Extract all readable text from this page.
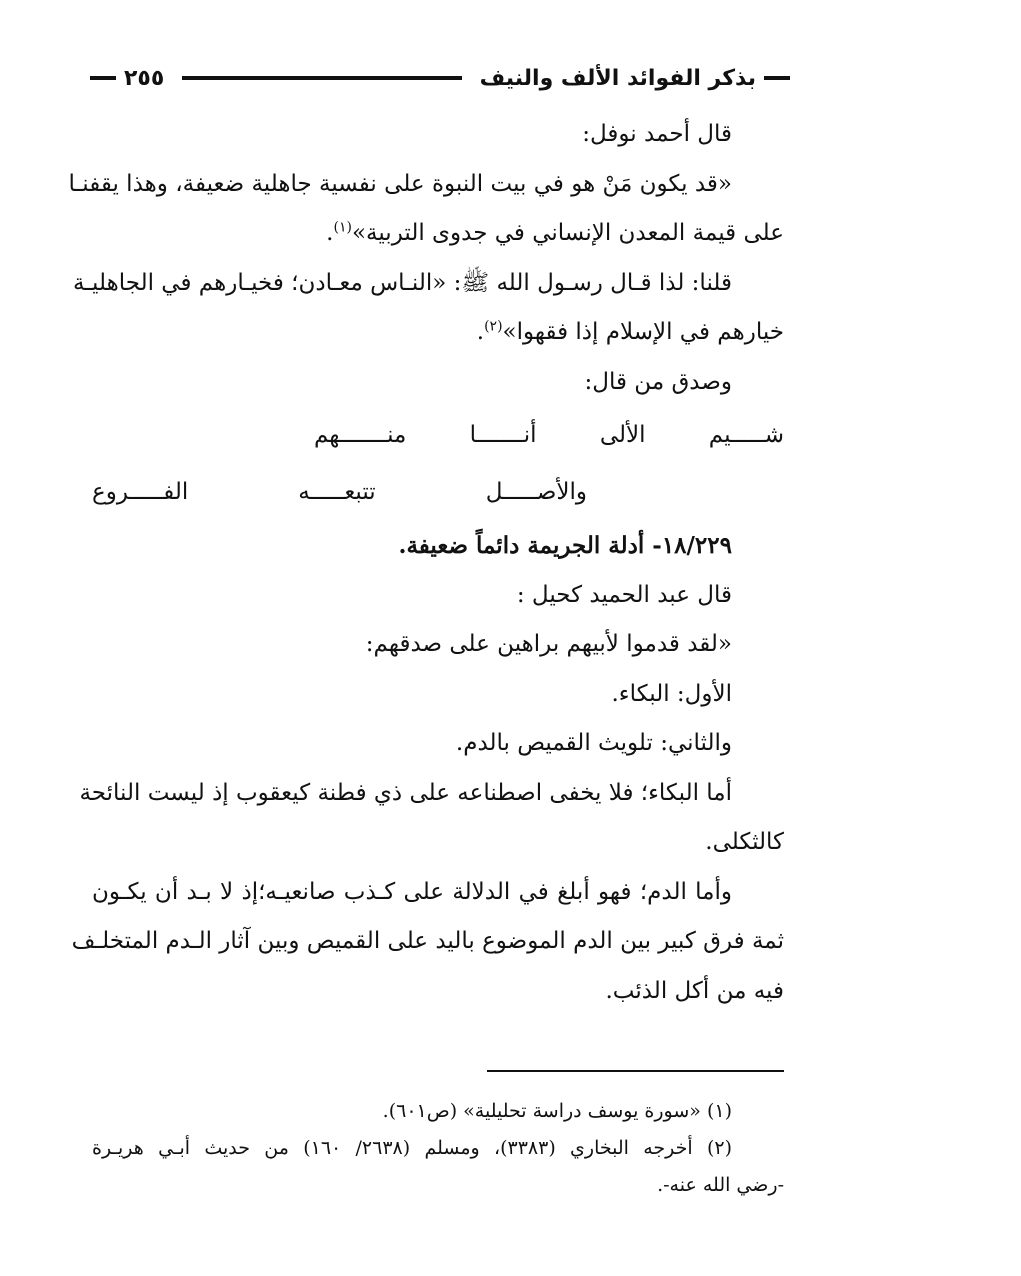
بذكر الفوائد الألف والنيف
٢٥٥
قال أحمد نوفل:
«قد يكون مَنْ هو في بيت النبوة على نفسية جاهلية ضعيفة، وهذا يقفنـا
على قيمة المعدن الإنساني في جدوى التربية»$^{(١)}$.
قلنا: لذا قـال رسـول الله ﷺ: «النـاس معـادن؛ فخيـارهم في الجاهليـة
خيارهم في الإسلام إذا فقهوا»$^{(٢)}$.
وصدق من قال:
شـــــيم الألى أنـــــــا منـــــــهم
والأصـــــل تتبعـــــه الفـــــروع
١٨/٢٢٩- أدلة الجريمة دائماً ضعيفة.
قال عبد الحميد كحيل :
«لقد قدموا لأبيهم براهين على صدقهم:
الأول: البكاء.
والثاني: تلويث القميص بالدم.
أما البكاء؛ فلا يخفى اصطناعه على ذي فطنة كيعقوب إذ ليست النائحة
كالثكلى.
وأما الدم؛ فهو أبلغ في الدلالة على كـذب صانعيـه؛إذ لا بـد أن يكـون
ثمة فرق كبير بين الدم الموضوع باليد على القميص وبين آثار الـدم المتخلـف
فيه من أكل الذئب.
(١) «سورة يوسف دراسة تحليلية» (ص٦٠١).
(٢) أخرجه البخاري (٣٣٨٣)، ومسلم (٢٦٣٨/ ١٦٠) من حديث أبـي هريـرة
-رضي الله عنه-.
